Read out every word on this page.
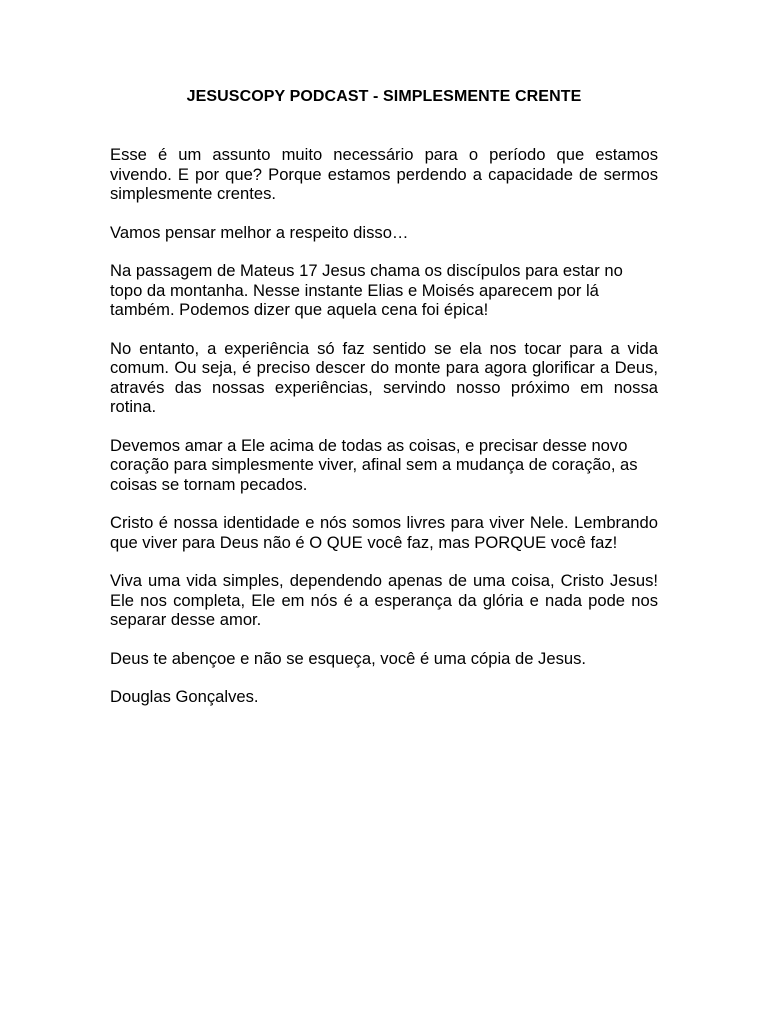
JESUSCOPY PODCAST - SIMPLESMENTE CRENTE

Esse é um assunto muito necessário para o período que estamos vivendo. E por que? Porque estamos perdendo a capacidade de sermos simplesmente crentes.

Vamos pensar melhor a respeito disso…

Na passagem de Mateus 17 Jesus chama os discípulos para estar no topo da montanha. Nesse instante Elias e Moisés aparecem por lá também. Podemos dizer que aquela cena foi épica!

No entanto, a experiência só faz sentido se ela nos tocar para a vida comum. Ou seja, é preciso descer do monte para agora glorificar a Deus, através das nossas experiências, servindo nosso próximo em nossa rotina.

Devemos amar a Ele acima de todas as coisas, e precisar desse novo coração para simplesmente viver, afinal sem a mudança de coração, as coisas se tornam pecados.

Cristo é nossa identidade e nós somos livres para viver Nele. Lembrando que viver para Deus não é O QUE você faz, mas PORQUE você faz!

Viva uma vida simples, dependendo apenas de uma coisa, Cristo Jesus! Ele nos completa, Ele em nós é a esperança da glória e nada pode nos separar desse amor.

Deus te abençoe e não se esqueça, você é uma cópia de Jesus.

Douglas Gonçalves.
